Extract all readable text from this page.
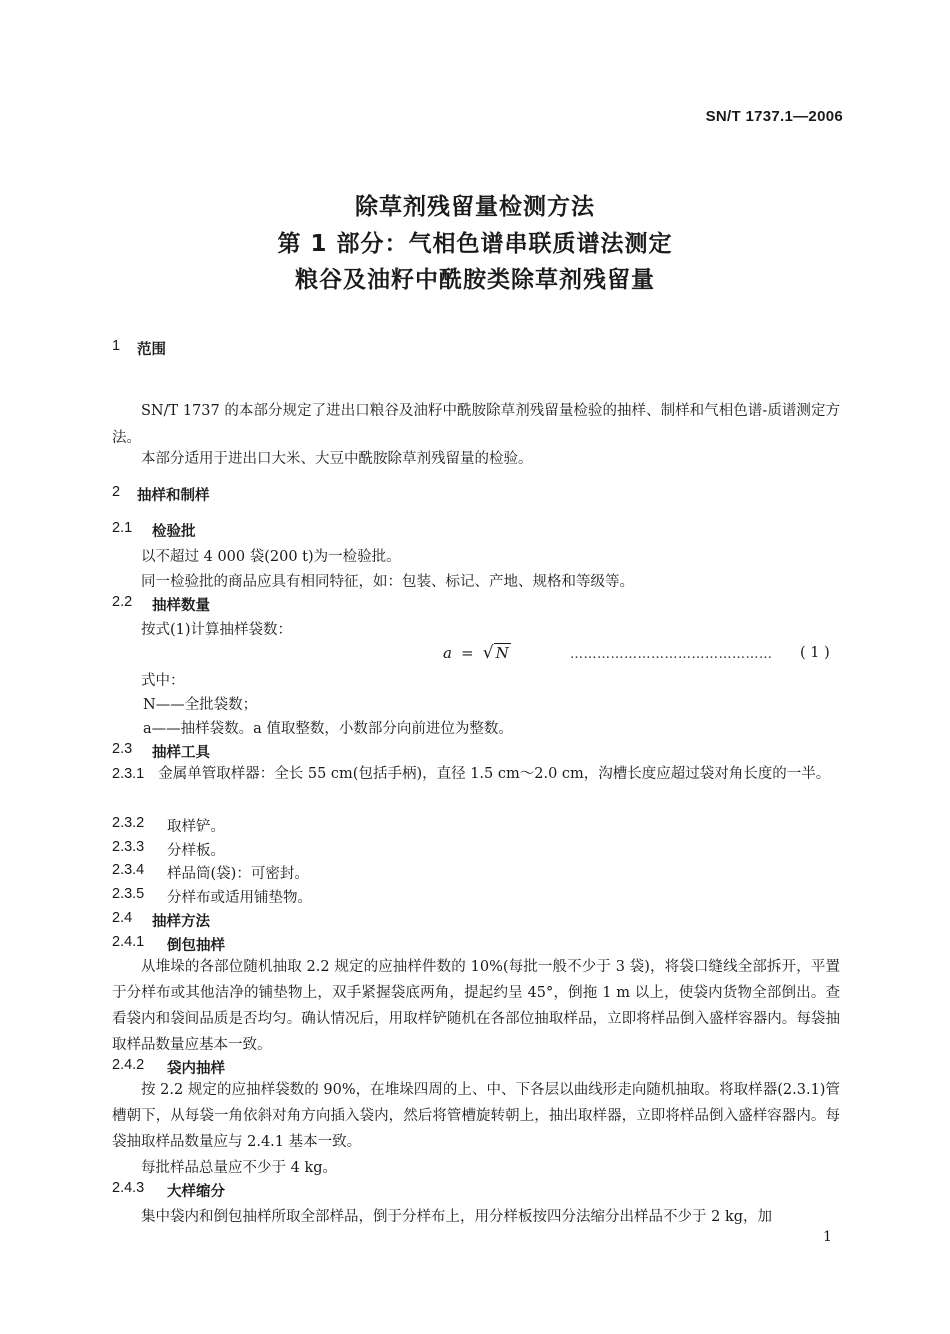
SN/T 1737.1—2006
除草剂残留量检测方法
第 1 部分：气相色谱串联质谱法测定
粮谷及油籽中酰胺类除草剂残留量
1 范围
SN/T 1737 的本部分规定了进出口粮谷及油籽中酰胺除草剂残留量检验的抽样、制样和气相色谱-质谱测定方法。
本部分适用于进出口大米、大豆中酰胺除草剂残留量的检验。
2 抽样和制样
2.1 检验批
以不超过 4 000 袋(200 t)为一检验批。
同一检验批的商品应具有相同特征，如：包装、标记、产地、规格和等级等。
2.2 抽样数量
按式(1)计算抽样袋数：
a = √ N	……………………………………… ( 1 )
式中：
N——全批袋数；
a——抽样袋数。a 值取整数，小数部分向前进位为整数。
2.3 抽样工具
2.3.1 金属单管取样器：全长 55 cm(包括手柄)，直径 1.5 cm～2.0 cm，沟槽长度应超过袋对角长度的一半。
2.3.2 取样铲。
2.3.3 分样板。
2.3.4 样品筒(袋)：可密封。
2.3.5 分样布或适用铺垫物。
2.4 抽样方法
2.4.1 倒包抽样
从堆垛的各部位随机抽取 2.2 规定的应抽样件数的 10%(每批一般不少于 3 袋)，将袋口缝线全部拆开，平置于分样布或其他洁净的铺垫物上，双手紧握袋底两角，提起约呈 45°，倒拖 1 m 以上，使袋内货物全部倒出。查看袋内和袋间品质是否均匀。确认情况后，用取样铲随机在各部位抽取样品，立即将样品倒入盛样容器内。每袋抽取样品数量应基本一致。
2.4.2 袋内抽样
按 2.2 规定的应抽样袋数的 90%，在堆垛四周的上、中、下各层以曲线形走向随机抽取。将取样器(2.3.1)管槽朝下，从每袋一角依斜对角方向插入袋内，然后将管槽旋转朝上，抽出取样器，立即将样品倒入盛样容器内。每袋抽取样品数量应与 2.4.1 基本一致。
每批样品总量应不少于 4 kg。
2.4.3 大样缩分
集中袋内和倒包抽样所取全部样品，倒于分样布上，用分样板按四分法缩分出样品不少于 2 kg，加
1
